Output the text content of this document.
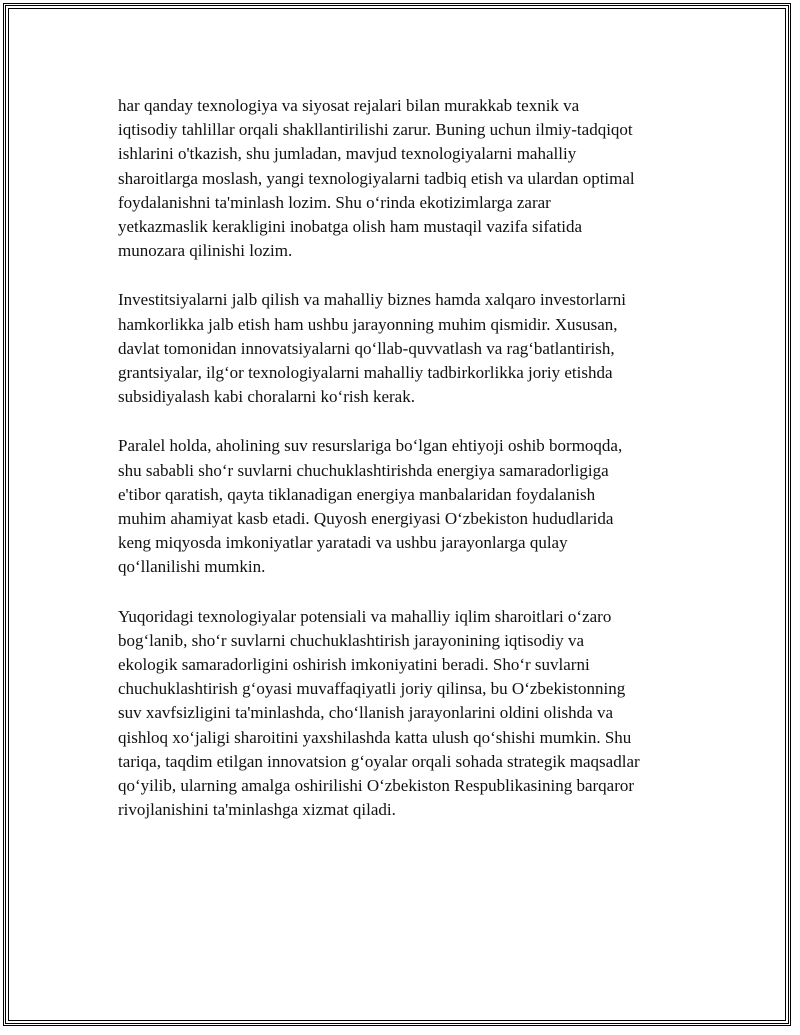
har qanday texnologiya va siyosat rejalari bilan murakkab texnik va
iqtisodiy tahlillar orqali shakllantirilishi zarur. Buning uchun ilmiy-tadqiqot
ishlarini o'tkazish, shu jumladan, mavjud texnologiyalarni mahalliy
sharoitlarga moslash, yangi texnologiyalarni tadbiq etish va ulardan optimal
foydalanishni ta'minlash lozim. Shu o‘rinda ekotizimlarga zarar
yetkazmaslik kerakligini inobatga olish ham mustaqil vazifa sifatida
munozara qilinishi lozim.

Investitsiyalarni jalb qilish va mahalliy biznes hamda xalqaro investorlarni
hamkorlikka jalb etish ham ushbu jarayonning muhim qismidir. Xususan,
davlat tomonidan innovatsiyalarni qo‘llab-quvvatlash va rag‘batlantirish,
grantsiyalar, ilg‘or texnologiyalarni mahalliy tadbirkorlikka joriy etishda
subsidiyalash kabi choralarni ko‘rish kerak.

Paralel holda, aholining suv resurslariga bo‘lgan ehtiyoji oshib bormoqda,
shu sababli sho‘r suvlarni chuchuklashtirishda energiya samaradorligiga
e'tibor qaratish, qayta tiklanadigan energiya manbalaridan foydalanish
muhim ahamiyat kasb etadi. Quyosh energiyasi O‘zbekiston hududlarida
keng miqyosda imkoniyatlar yaratadi va ushbu jarayonlarga qulay
qo‘llanilishi mumkin.

Yuqoridagi texnologiyalar potensiali va mahalliy iqlim sharoitlari o‘zaro
bog‘lanib, sho‘r suvlarni chuchuklashtirish jarayonining iqtisodiy va
ekologik samaradorligini oshirish imkoniyatini beradi. Sho‘r suvlarni
chuchuklashtirish g‘oyasi muvaffaqiyatli joriy qilinsa, bu O‘zbekistonning
suv xavfsizligini ta'minlashda, cho‘llanish jarayonlarini oldini olishda va
qishloq xo‘jaligi sharoitini yaxshilashda katta ulush qo‘shishi mumkin. Shu
tariqa, taqdim etilgan innovatsion g‘oyalar orqali sohada strategik maqsadlar
qo‘yilib, ularning amalga oshirilishi O‘zbekiston Respublikasining barqaror
rivojlanishini ta'minlashga xizmat qiladi.
